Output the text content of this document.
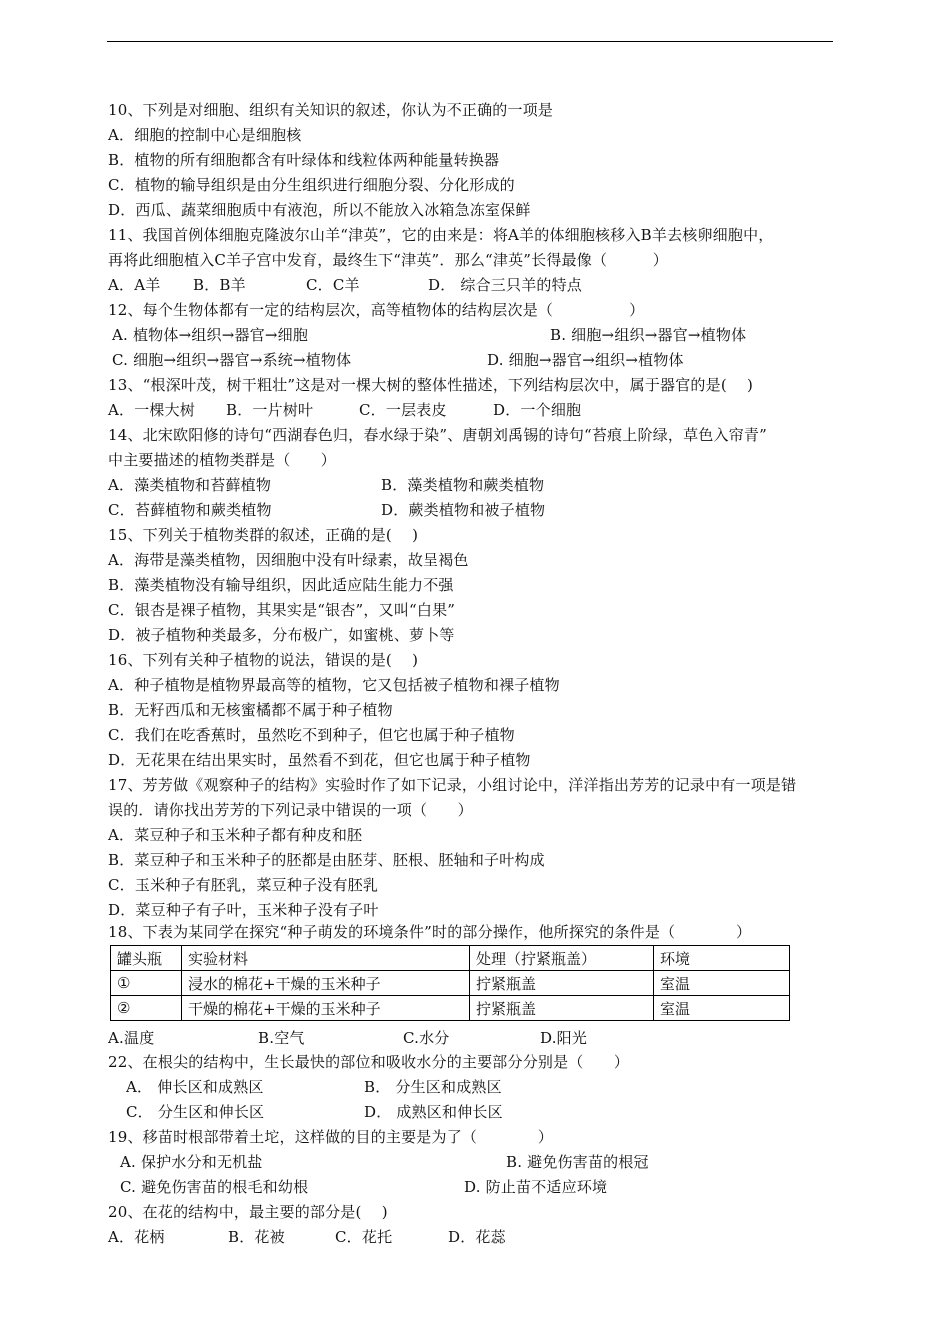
10、下列是对细胞、组织有关知识的叙述，你认为不正确的一项是
A．细胞的控制中心是细胞核
B．植物的所有细胞都含有叶绿体和线粒体两种能量转换器
C．植物的输导组织是由分生组织进行细胞分裂、分化形成的
D．西瓜、蔬菜细胞质中有液泡，所以不能放入冰箱急冻室保鲜
11、我国首例体细胞克隆波尔山羊“津英”，它的由来是：将A羊的体细胞核移入B羊去核卵细胞中，
再将此细胞植入C羊子宫中发育，最终生下“津英”．那么“津英”长得最像（　　　）
A．A羊 B．B羊	C．C羊	D． 综合三只羊的特点
12、每个生物体都有一定的结构层次，高等植物体的结构层次是（　　　　　）
A. 植物体→组织→器官→细胞	B. 细胞→组织→器官→植物体
C. 细胞→组织→器官→系统→植物体	D. 细胞→器官→组织→植物体
13、“根深叶茂，树干粗壮”这是对一棵大树的整体性描述，下列结构层次中，属于器官的是(　 )
A．一棵大树 B．一片树叶	C．一层表皮	D．一个细胞
14、北宋欧阳修的诗句“西湖春色归，春水绿于染”、唐朝刘禹锡的诗句“苔痕上阶绿，草色入帘青”
中主要描述的植物类群是（　　）
A．藻类植物和苔藓植物	B．藻类植物和蕨类植物
C．苔藓植物和蕨类植物	D．蕨类植物和被子植物
15、下列关于植物类群的叙述，正确的是(　 )
A．海带是藻类植物，因细胞中没有叶绿素，故呈褐色
B．藻类植物没有输导组织，因此适应陆生能力不强
C．银杏是裸子植物，其果实是“银杏”，又叫“白果”
D．被子植物种类最多，分布极广，如蜜桃、萝卜等
16、下列有关种子植物的说法，错误的是(　 )
A．种子植物是植物界最高等的植物，它又包括被子植物和裸子植物
B．无籽西瓜和无核蜜橘都不属于种子植物
C．我们在吃香蕉时，虽然吃不到种子，但它也属于种子植物
D．无花果在结出果实时，虽然看不到花，但它也属于种子植物
17、芳芳做《观察种子的结构》实验时作了如下记录，小组讨论中，洋洋指出芳芳的记录中有一项是错
误的．请你找出芳芳的下列记录中错误的一项（　　）
A．菜豆种子和玉米种子都有种皮和胚
B．菜豆种子和玉米种子的胚都是由胚芽、胚根、胚轴和子叶构成
C．玉米种子有胚乳，菜豆种子没有胚乳
D．菜豆种子有子叶，玉米种子没有子叶
18、下表为某同学在探究“种子萌发的环境条件”时的部分操作，他所探究的条件是（　　　　）
罐头瓶	实验材料	处理（拧紧瓶盖）	环境
①	浸水的棉花+干燥的玉米种子	拧紧瓶盖	室温
②	干燥的棉花+干燥的玉米种子	拧紧瓶盖	室温
A.温度	B.空气	C.水分	D.阳光
22、在根尖的结构中，生长最快的部位和吸收水分的主要部分分别是（　　）
A． 伸长区和成熟区	B． 分生区和成熟区
C． 分生区和伸长区	D． 成熟区和伸长区
19、移苗时根部带着土坨，这样做的目的主要是为了（　　　　）
A. 保护水分和无机盐	B. 避免伤害苗的根冠
C. 避免伤害苗的根毛和幼根	D. 防止苗不适应环境
20、在花的结构中，最主要的部分是(　 )
A．花柄	B．花被	C．花托	D．花蕊
